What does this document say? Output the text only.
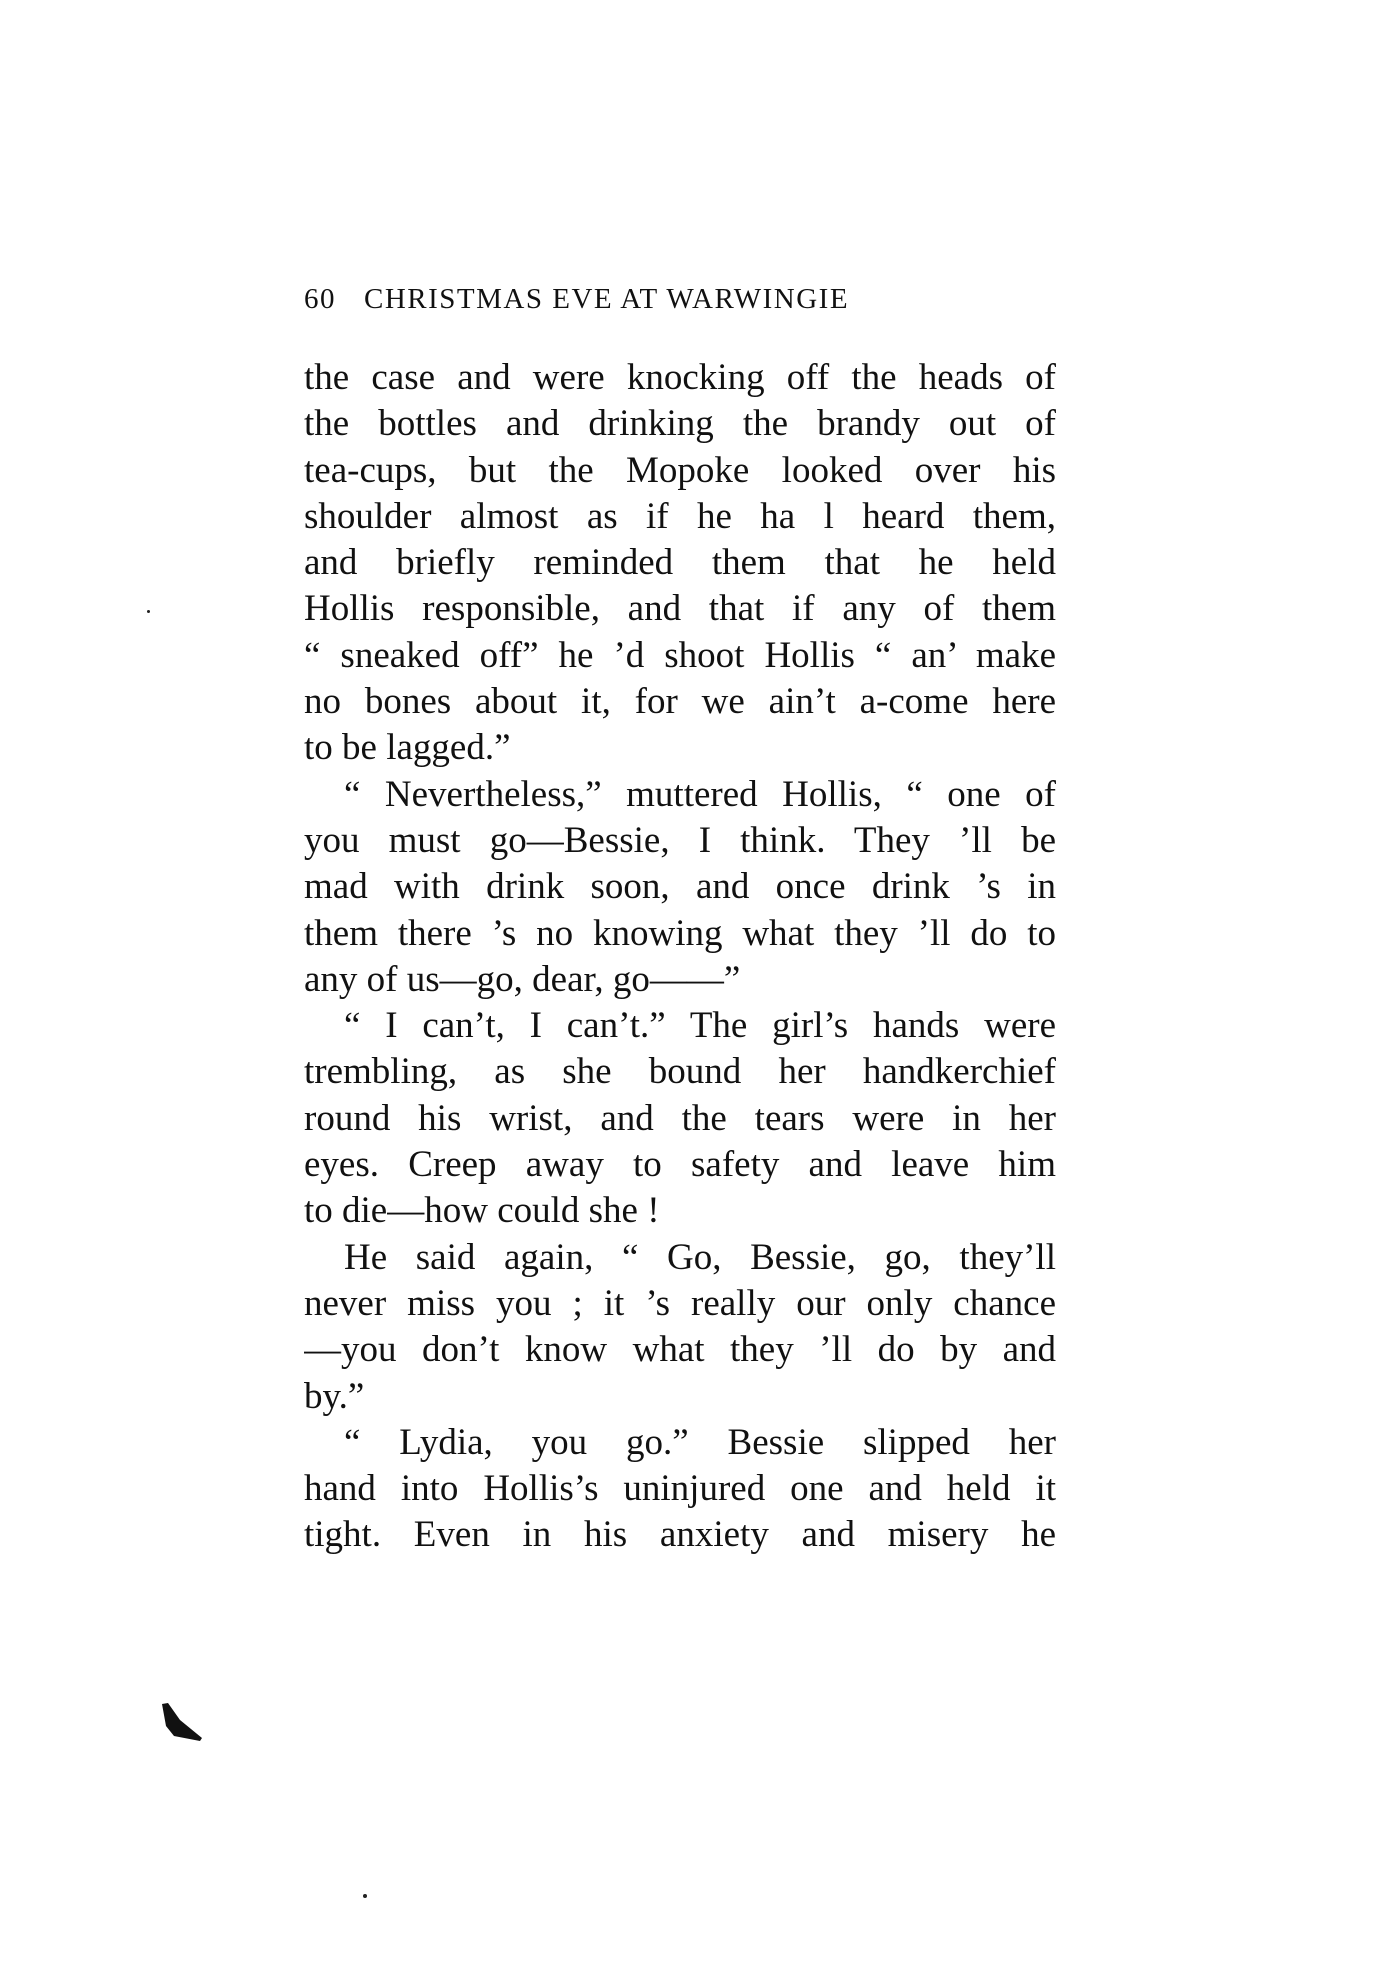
60 CHRISTMAS EVE AT WARWINGIE
the case and were knocking off the heads of
the bottles and drinking the brandy out of
tea-cups, but the Mopoke looked over his
shoulder almost as if he ha l heard them,
and briefly reminded them that he held
Hollis responsible, and that if any of them
“ sneaked off” he ’d shoot Hollis “ an’ make
no bones about it, for we ain’t a-come here
to be lagged.”
“ Nevertheless,” muttered Hollis, “ one of
you must go—Bessie, I think. They ’ll be
mad with drink soon, and once drink ’s in
them there ’s no knowing what they ’ll do to
any of us—go, dear, go——”
“ I can’t, I can’t.” The girl’s hands were
trembling, as she bound her handkerchief
round his wrist, and the tears were in her
eyes. Creep away to safety and leave him
to die—how could she !
He said again, “ Go, Bessie, go, they’ll
never miss you ; it ’s really our only chance
—you don’t know what they ’ll do by and
by.”
“ Lydia, you go.” Bessie slipped her
hand into Hollis’s uninjured one and held it
tight. Even in his anxiety and misery he
